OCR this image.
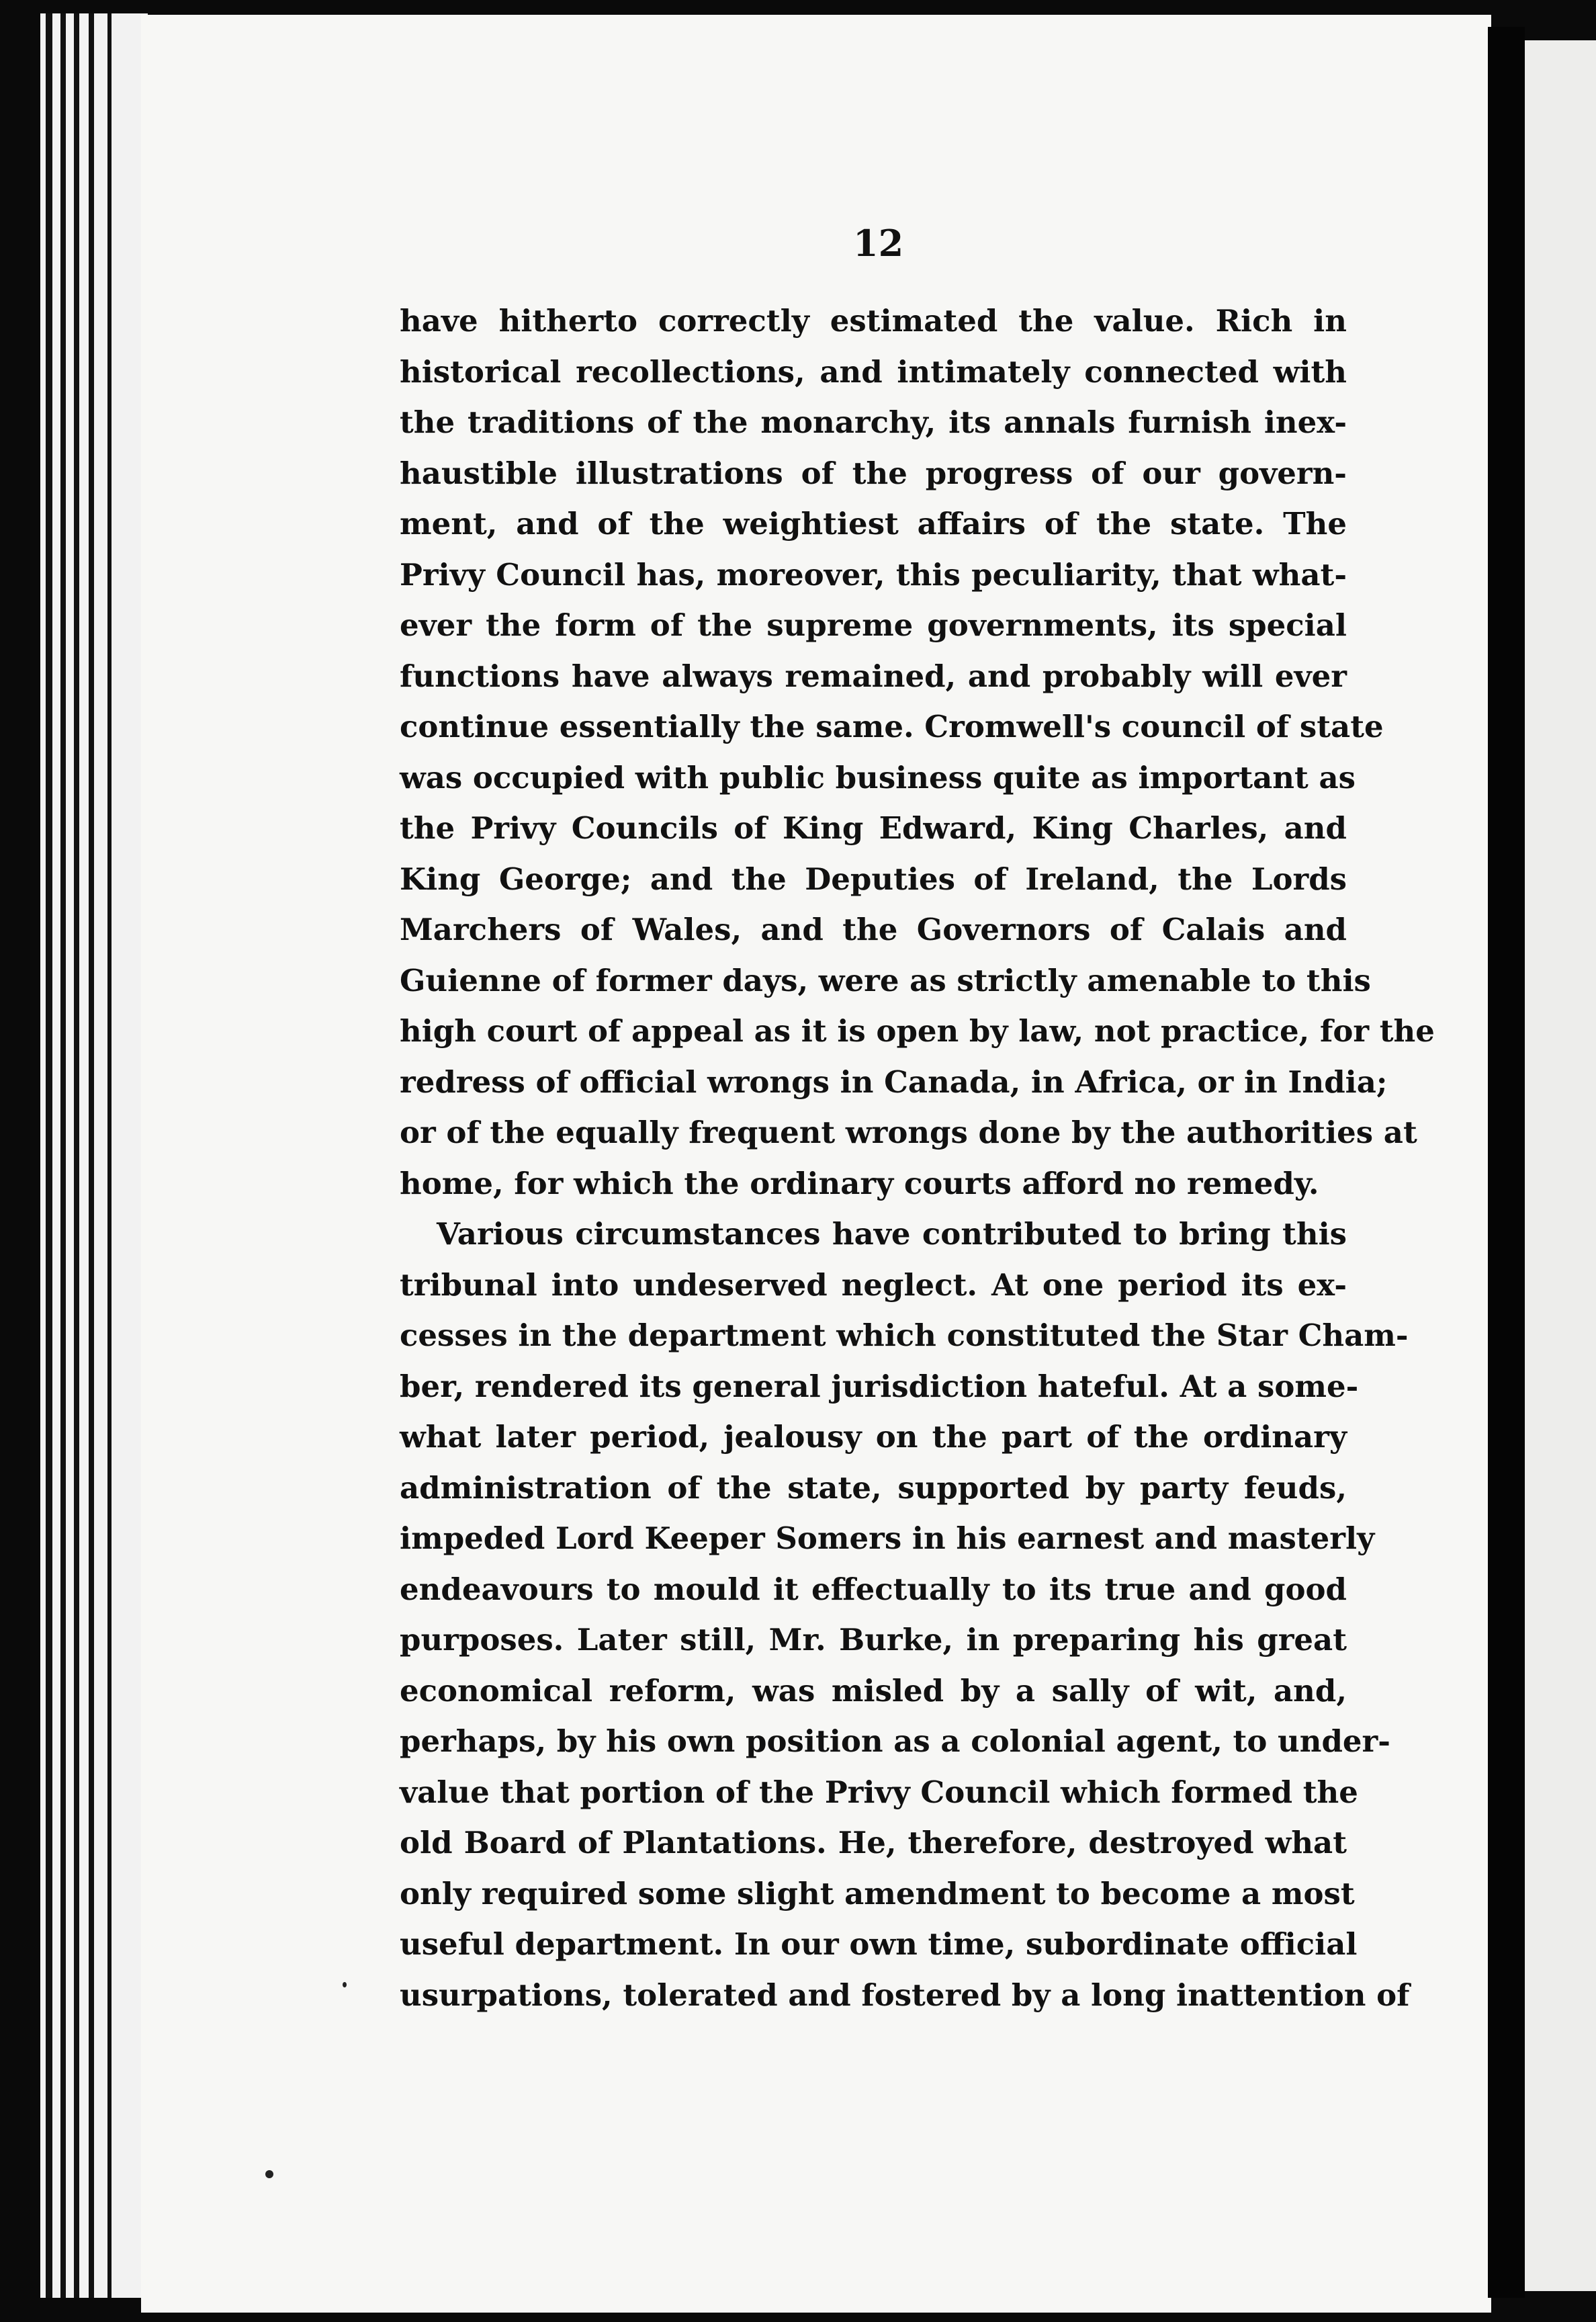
12
have hitherto correctly estimated the value. Rich in
historical recollections, and intimately connected with
the traditions of the monarchy, its annals furnish inex-
haustible illustrations of the progress of our govern-
ment, and of the weightiest affairs of the state. The
Privy Council has, moreover, this peculiarity, that what-
ever the form of the supreme governments, its special
functions have always remained, and probably will ever
continue essentially the same. Cromwell's council of state
was occupied with public business quite as important as
the Privy Councils of King Edward, King Charles, and
King George; and the Deputies of Ireland, the Lords
Marchers of Wales, and the Governors of Calais and
Guienne of former days, were as strictly amenable to this
high court of appeal as it is open by law, not practice, for the
redress of official wrongs in Canada, in Africa, or in India;
or of the equally frequent wrongs done by the authorities at
home, for which the ordinary courts afford no remedy.
Various circumstances have contributed to bring this
tribunal into undeserved neglect. At one period its ex-
cesses in the department which constituted the Star Cham-
ber, rendered its general jurisdiction hateful. At a some-
what later period, jealousy on the part of the ordinary
administration of the state, supported by party feuds,
impeded Lord Keeper Somers in his earnest and masterly
endeavours to mould it effectually to its true and good
purposes. Later still, Mr. Burke, in preparing his great
economical reform, was misled by a sally of wit, and,
perhaps, by his own position as a colonial agent, to under-
value that portion of the Privy Council which formed the
old Board of Plantations. He, therefore, destroyed what
only required some slight amendment to become a most
useful department. In our own time, subordinate official
usurpations, tolerated and fostered by a long inattention of
